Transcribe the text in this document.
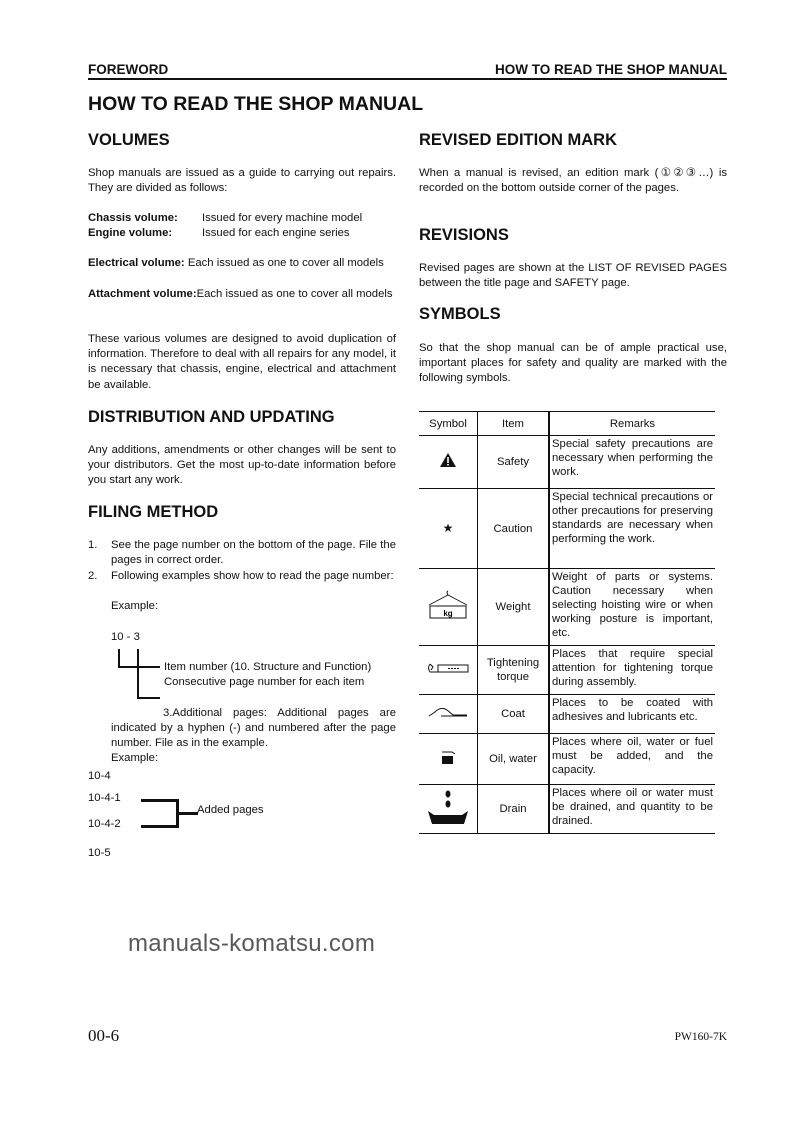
FOREWORD	HOW TO READ THE SHOP MANUAL
HOW TO READ THE SHOP MANUAL
VOLUMES
Shop manuals are issued as a guide to carrying out repairs. They are divided as follows:
Chassis volume: Issued for every machine model
Engine volume:	Issued for each engine series
Electrical volume: Each issued as one to cover all models
Attachment volume:Each issued as one to cover all models
These various volumes are designed to avoid duplication of information. Therefore to deal with all repairs for any model, it is necessary that chassis, engine, electrical and attachment be available.
manuals-komatsu.com
DISTRIBUTION AND UPDATING
Any additions, amendments or other changes will be sent to your distributors. Get the most up-to-date information before you start any work.
FILING METHOD
1. See the page number on the bottom of the page. File the pages in correct order.
2. Following examples show how to read the page number:
Example:
10 - 3
Item number (10. Structure and Function)
Consecutive page number for each item
3.Additional pages: Additional pages are indicated by a hyphen (-) and numbered after the page number. File as in the example.
Example:
10-4
10-4-1
10-4-2
10-5
Added pages
REVISED EDITION MARK
When a manual is revised, an edition mark (①②③…) is recorded on the bottom outside corner of the pages.
REVISIONS
Revised pages are shown at the LIST OF REVISED PAGES between the title page and SAFETY page.
SYMBOLS
So that the shop manual can be of ample practical use, important places for safety and quality are marked with the following symbols.
Symbol	Item	Remarks
	Safety	Special safety precautions are necessary when performing the work.
★	Caution	Special technical precautions or other precautions for preserving standards are necessary when performing the work.

kg	Weight	Weight of parts or systems. Caution necessary when selecting hoisting wire or when working posture is important, etc.
	Tightening torque	Places that require special attention for tightening torque during assembly.
	Coat	Places to be coated with adhesives and lubricants etc.
	Oil, water	Places where oil, water or fuel must be added, and the capacity.
	Drain	Places where oil or water must be drained, and quantity to be drained.
00-6	PW160-7K
